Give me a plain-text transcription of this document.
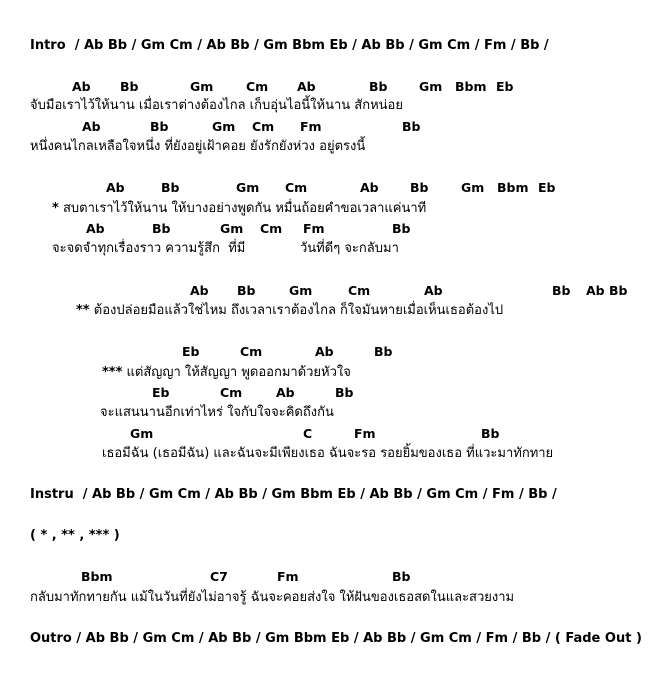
Intro  / Ab Bb / Gm Cm / Ab Bb / Gm Bbm Eb / Ab Bb / Gm Cm / Fm / Bb /
Ab Bb	Gm	Cm Ab	Bb	Gm Bbm Eb
จับมือเราไว้ให้นาน เมื่อเราต่างต้องไกล เก็บอุ่นไอนี้ให้นาน สักหน่อย
Ab	Bb	Gm Cm Fm	Bb
หนึ่งคนไกลเหลือใจหนึ่ง ที่ยังอยู่เฝ้าคอย ยังรักยังห่วง อยู่ตรงนี้
Ab	Bb	Gm Cm	Ab	Bb	Gm Bbm Eb
* สบตาเราไว้ให้นาน ให้บางอย่างพูดกัน หมื่นถ้อยคำขอเวลาแค่นาที
Ab	Bb	Gm Cm Fm	Bb
จะจดจำทุกเรื่องราว ความรู้สึก  ที่มี	วันที่ดีๆ จะกลับมา
Ab Bb	Gm	Cm	Ab	Bb Ab Bb
** ต้องปล่อยมือแล้วใช่ไหม ถึงเวลาเราต้องไกล ก็ใจมันหายเมื่อเห็นเธอต้องไป
Eb	Cm	Ab	Bb
*** แต่สัญญา ให้สัญญา พูดออกมาด้วยหัวใจ
Eb	Cm	Ab	Bb
จะแสนนานอีกเท่าไหร่ ใจกับใจจะคิดถึงกัน
Gm	C	Fm	Bb
เธอมีฉัน (เธอมีฉัน) และฉันจะมีเพียงเธอ ฉันจะรอ รอยยิ้มของเธอ ที่แวะมาทักทาย
Instru  / Ab Bb / Gm Cm / Ab Bb / Gm Bbm Eb / Ab Bb / Gm Cm / Fm / Bb /
( * , ** , *** )
Bbm	C7	Fm	Bb
กลับมาทักทายกัน แม้ในวันที่ยังไม่อาจรู้ ฉันจะคอยส่งใจ ให้ฝันของเธอสดในและสวยงาม
Outro / Ab Bb / Gm Cm / Ab Bb / Gm Bbm Eb / Ab Bb / Gm Cm / Fm / Bb / ( Fade Out )
